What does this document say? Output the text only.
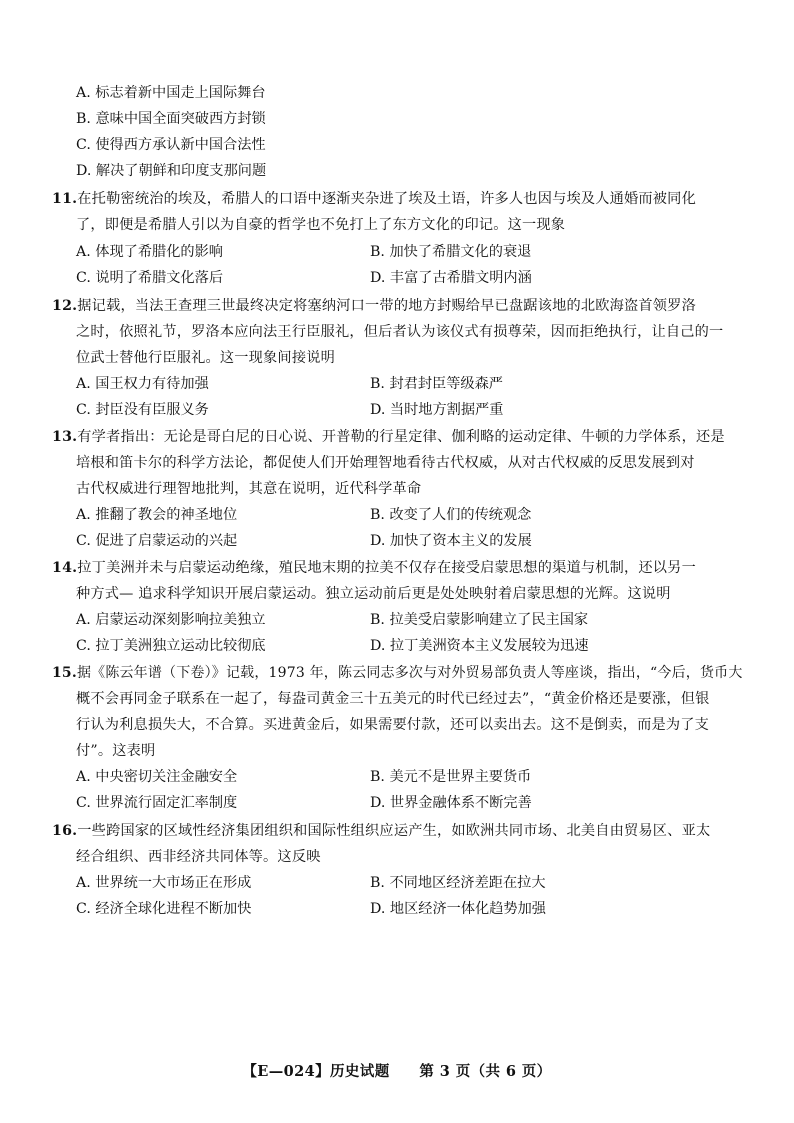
A. 标志着新中国走上国际舞台
B. 意味中国全面突破西方封锁
C. 使得西方承认新中国合法性
D. 解决了朝鲜和印度支那问题
11.在托勒密统治的埃及，希腊人的口语中逐渐夹杂进了埃及土语，许多人也因与埃及人通婚而被同化
了，即便是希腊人引以为自豪的哲学也不免打上了东方文化的印记。这一现象
A. 体现了希腊化的影响	B. 加快了希腊文化的衰退
C. 说明了希腊文化落后	D. 丰富了古希腊文明内涵
12.据记载，当法王查理三世最终决定将塞纳河口一带的地方封赐给早已盘踞该地的北欧海盗首领罗洛
之时，依照礼节，罗洛本应向法王行臣服礼，但后者认为该仪式有损尊荣，因而拒绝执行，让自己的一
位武士替他行臣服礼。这一现象间接说明
A. 国王权力有待加强	B. 封君封臣等级森严
C. 封臣没有臣服义务	D. 当时地方割据严重
13.有学者指出：无论是哥白尼的日心说、开普勒的行星定律、伽利略的运动定律、牛顿的力学体系，还是
培根和笛卡尔的科学方法论，都促使人们开始理智地看待古代权威，从对古代权威的反思发展到对
古代权威进行理智地批判，其意在说明，近代科学革命
A. 推翻了教会的神圣地位	B. 改变了人们的传统观念
C. 促进了启蒙运动的兴起	D. 加快了资本主义的发展
14.拉丁美洲并未与启蒙运动绝缘，殖民地末期的拉美不仅存在接受启蒙思想的渠道与机制，还以另一
种方式— 追求科学知识开展启蒙运动。独立运动前后更是处处映射着启蒙思想的光辉。这说明
A. 启蒙运动深刻影响拉美独立	B. 拉美受启蒙影响建立了民主国家
C. 拉丁美洲独立运动比较彻底	D. 拉丁美洲资本主义发展较为迅速
15.据《陈云年谱（下卷）》记载，1973 年，陈云同志多次与对外贸易部负责人等座谈，指出，“今后，货币大
概不会再同金子联系在一起了，每盎司黄金三十五美元的时代已经过去”，“黄金价格还是要涨，但银
行认为利息损失大，不合算。买进黄金后，如果需要付款，还可以卖出去。这不是倒卖，而是为了支
付”。这表明
A. 中央密切关注金融安全	B. 美元不是世界主要货币
C. 世界流行固定汇率制度	D. 世界金融体系不断完善
16.一些跨国家的区域性经济集团组织和国际性组织应运产生，如欧洲共同市场、北美自由贸易区、亚太
经合组织、西非经济共同体等。这反映
A. 世界统一大市场正在形成	B. 不同地区经济差距在拉大
C. 经济全球化进程不断加快	D. 地区经济一体化趋势加强
【E—024】历史试题　　第 3 页（共 6 页）
